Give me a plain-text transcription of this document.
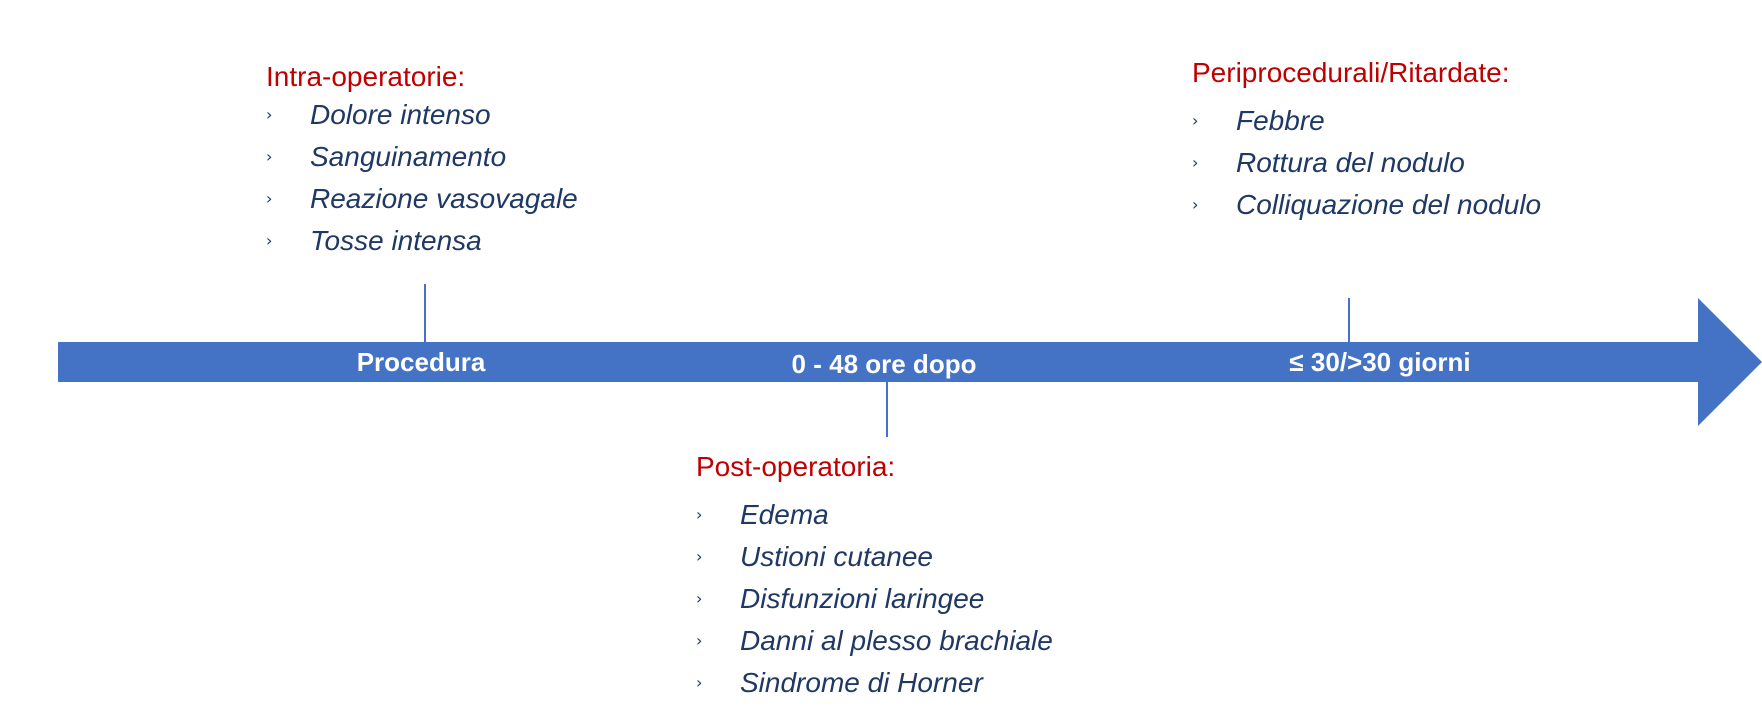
Procedura	0 - 48 ore dopo	≤ 30/>30 giorni
Intra-operatorie:
› Dolore intenso
› Sanguinamento
› Reazione vasovagale
› Tosse intensa
Periprocedurali/Ritardate:
› Febbre
› Rottura del nodulo
› Colliquazione del nodulo
Post-operatoria:
› Edema
› Ustioni cutanee
› Disfunzioni laringee
› Danni al plesso brachiale
› Sindrome di Horner
